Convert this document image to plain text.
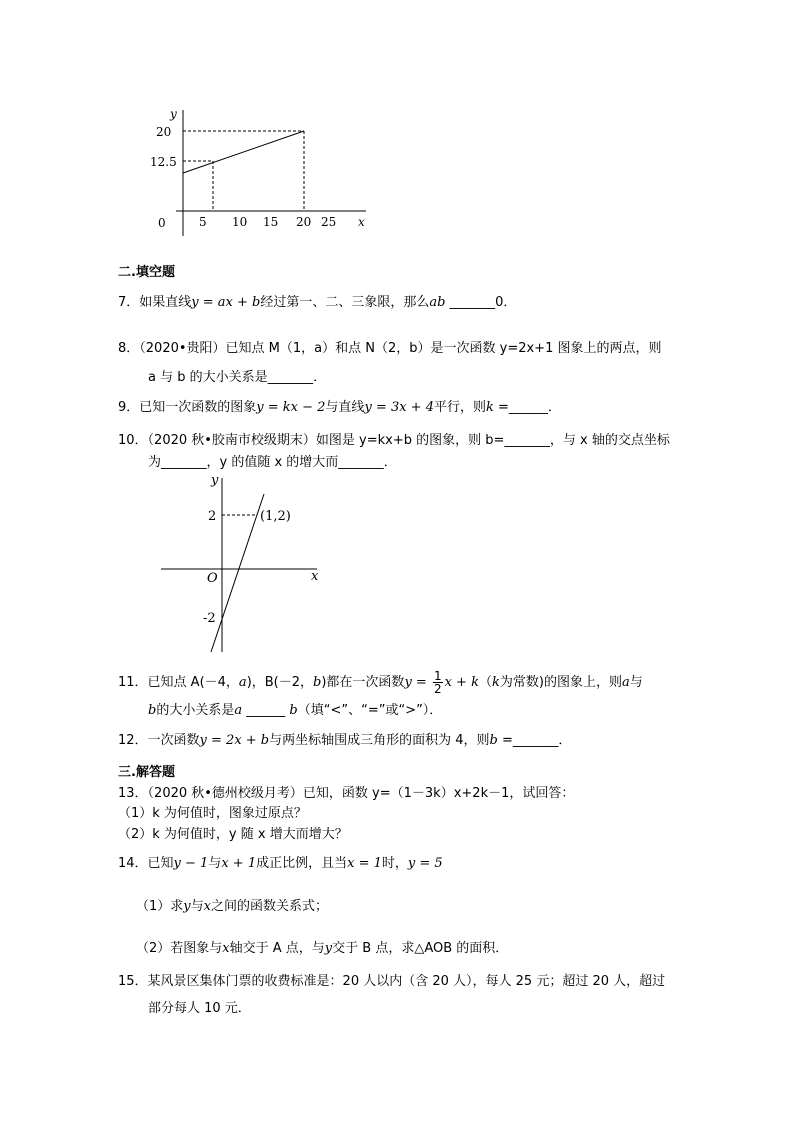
y
x
20
12.5
0	5 10 15 20 25
二.填空题
7．如果直线y = ax + b经过第一、二、三象限，那么ab _______0．
8．（2020•贵阳）已知点 M（1，a）和点 N（2，b）是一次函数 y=2x+1 图象上的两点，则
a 与 b 的大小关系是_______．
9．已知一次函数的图象y = kx − 2与直线y = 3x + 4平行，则k =______．
10．（2020 秋•胶南市校级期末）如图是 y=kx+b 的图象，则 b=_______，与 x 轴的交点坐标
为_______，y 的值随 x 的增大而_______．
y
x
O
2
-2
(1,2)
11．已知点 A(－4，a)，B(－2，b)都在一次函数$y = \frac{1}{2}$ x + k（k为常数)的图象上，则a与
b的大小关系是a ______ b（填“<”、“=”或“>”）．
12．一次函数y = 2x + b与两坐标轴围成三角形的面积为 4，则b =_______．
三.解答题
13．（2020 秋•德州校级月考）已知，函数 y=（1－3k）x+2k－1，试回答：
（1）k 为何值时，图象过原点？
（2）k 为何值时，y 随 x 增大而增大？
14．已知y − 1与x + 1成正比例，且当x = 1时，y = 5
（1）求y与x之间的函数关系式；
（2）若图象与x轴交于 A 点，与y交于 B 点，求△AOB 的面积．
15．某风景区集体门票的收费标准是：20 人以内（含 20 人），每人 25 元；超过 20 人，超过
部分每人 10 元．
